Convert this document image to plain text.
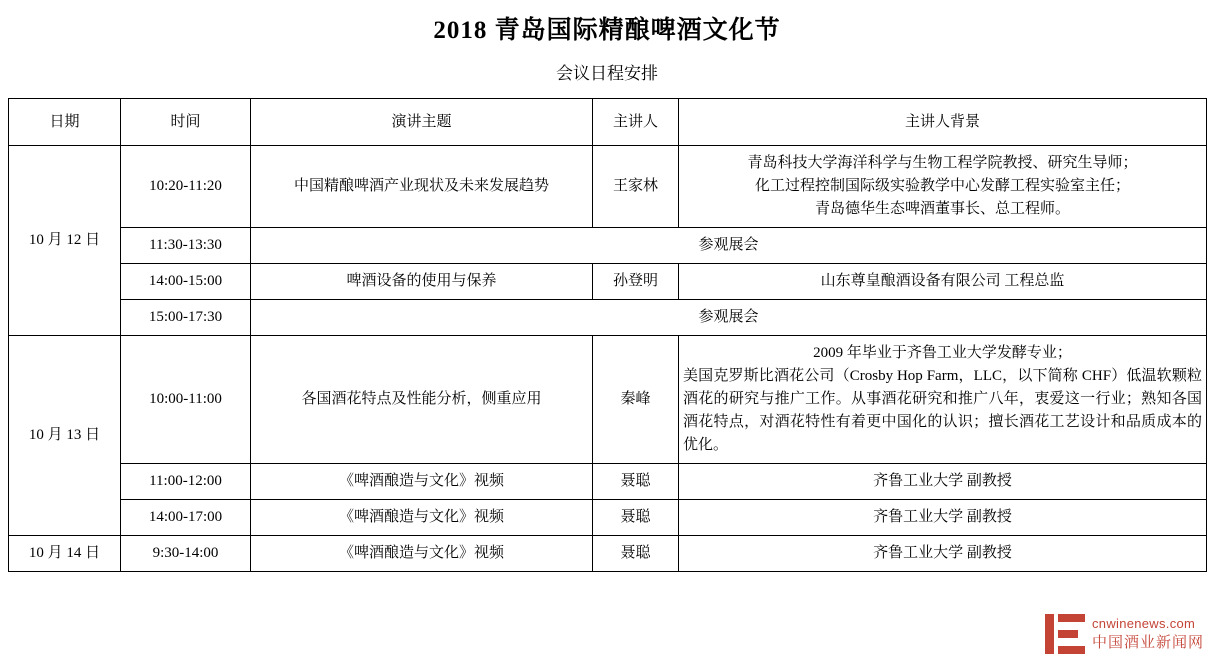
2018 青岛国际精酿啤酒文化节
会议日程安排
日期	时间	演讲主题	主讲人	主讲人背景
10 月 12 日	10:20-11:20	中国精酿啤酒产业现状及未来发展趋势	王家林	青岛科技大学海洋科学与生物工程学院教授、研究生导师；
化工过程控制国际级实验教学中心发酵工程实验室主任；
青岛德华生态啤酒董事长、总工程师。

	11:30-13:30	参观展会		
	14:00-15:00	啤酒设备的使用与保养	孙登明	山东尊皇酿酒设备有限公司 工程总监
	15:00-17:30	参观展会		
10 月 13 日	10:00-11:00	各国酒花特点及性能分析，侧重应用	秦峰	2009 年毕业于齐鲁工业大学发酵专业；
美国克罗斯比酒花公司（Crosby Hop Farm，LLC，以下简称 CHF）低温软颗粒酒花的研究与推广工作。从事酒花研究和推广八年，衷爱这一行业；熟知各国酒花特点，对酒花特性有着更中国化的认识；擅长酒花工艺设计和品质成本的优化。

	11:00-12:00	《啤酒酿造与文化》视频	聂聪	齐鲁工业大学 副教授
	14:00-17:00	《啤酒酿造与文化》视频	聂聪	齐鲁工业大学 副教授
10 月 14 日	9:30-14:00	《啤酒酿造与文化》视频	聂聪	齐鲁工业大学 副教授
cnwinenews.com
中国酒业新闻网
